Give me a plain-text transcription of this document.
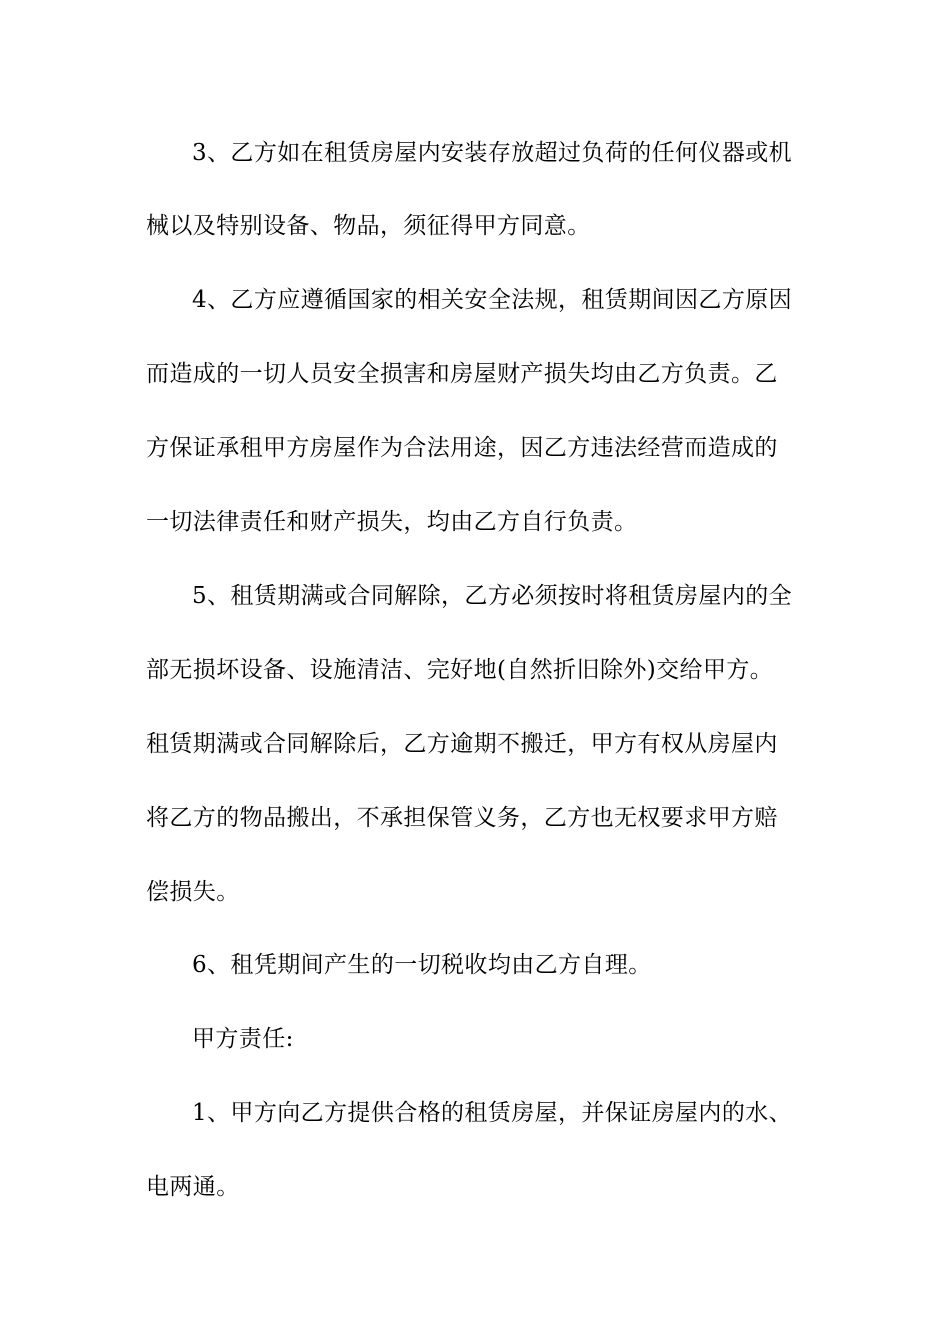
3、乙方如在租赁房屋内安装存放超过负荷的任何仪器或机
械以及特别设备、物品，须征得甲方同意。
4、乙方应遵循国家的相关安全法规，租赁期间因乙方原因
而造成的一切人员安全损害和房屋财产损失均由乙方负责。乙
方保证承租甲方房屋作为合法用途，因乙方违法经营而造成的
一切法律责任和财产损失，均由乙方自行负责。
5、租赁期满或合同解除，乙方必须按时将租赁房屋内的全
部无损坏设备、设施清洁、完好地(自然折旧除外)交给甲方。
租赁期满或合同解除后，乙方逾期不搬迁，甲方有权从房屋内
将乙方的物品搬出，不承担保管义务，乙方也无权要求甲方赔
偿损失。
6、租凭期间产生的一切税收均由乙方自理。
甲方责任:
1、甲方向乙方提供合格的租赁房屋，并保证房屋内的水、
电两通。
